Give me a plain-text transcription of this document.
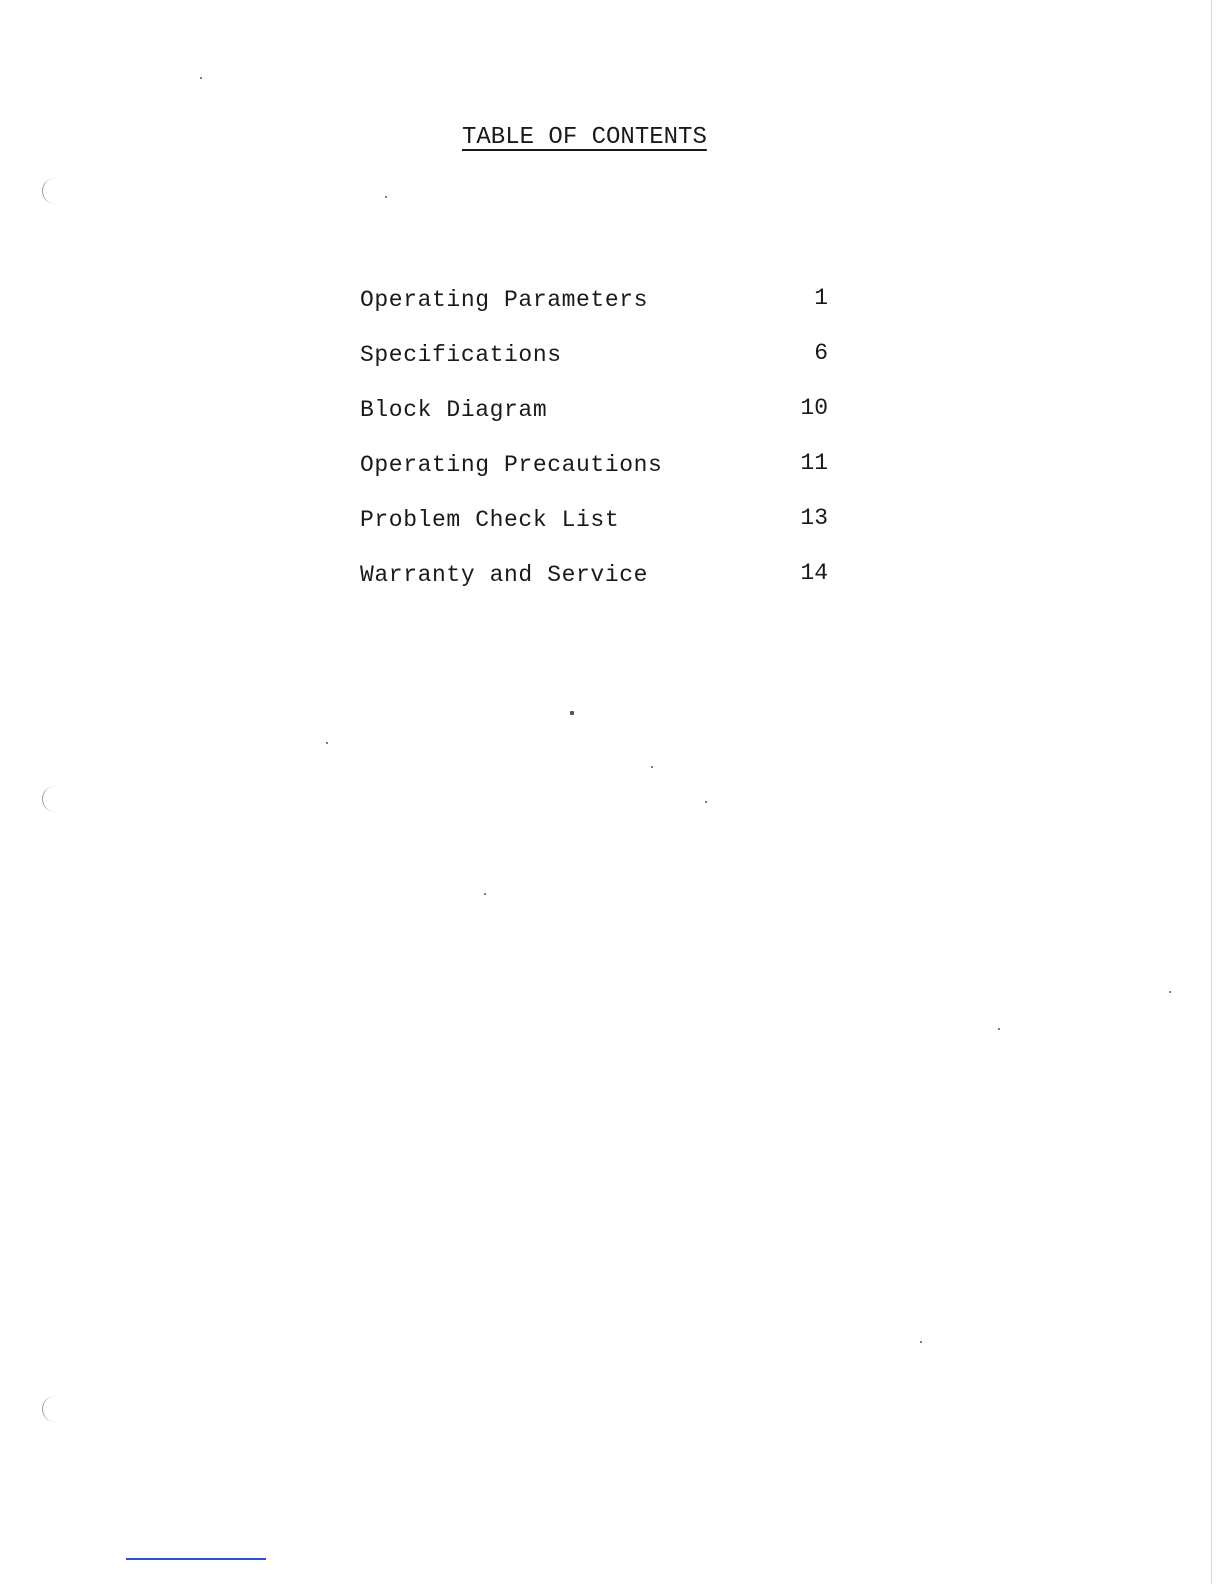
TABLE OF CONTENTS
Operating Parameters	1
Specifications	6
Block Diagram	10
Operating Precautions	11
Problem Check List	13
Warranty and Service	14
